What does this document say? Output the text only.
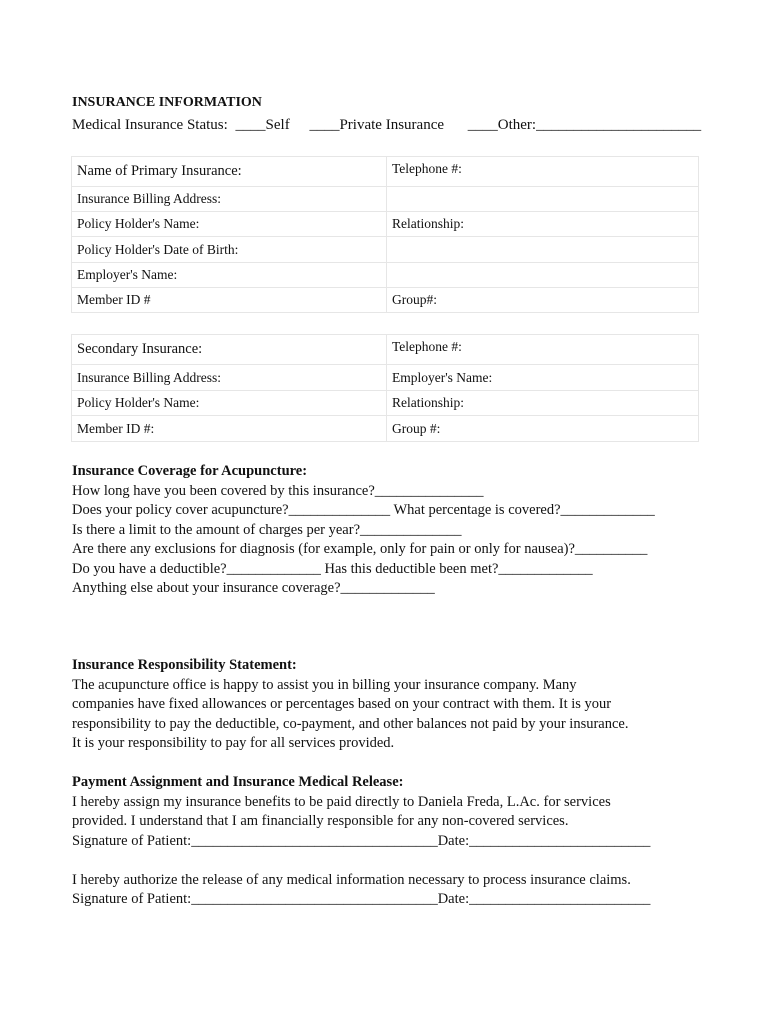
INSURANCE INFORMATION
Medical Insurance Status: ____Self ____Private Insurance ____Other:______________________
Name of Primary Insurance:	Telephone #:
Insurance Billing Address:	
Policy Holder's Name:	Relationship:
Policy Holder's Date of Birth:	
Employer's Name:	
Member ID #	Group#:
Secondary Insurance:	Telephone #:
Insurance Billing Address:	Employer's Name:
Policy Holder's Name:	Relationship:
Member ID #:	Group #:
Insurance Coverage for Acupuncture:
How long have you been covered by this insurance?_______________
Does your policy cover acupuncture?______________ What percentage is covered?_____________
Is there a limit to the amount of charges per year?______________
Are there any exclusions for diagnosis (for example, only for pain or only for nausea)?__________
Do you have a deductible?_____________ Has this deductible been met?_____________
Anything else about your insurance coverage?_____________
Insurance Responsibility Statement:
The acupuncture office is happy to assist you in billing your insurance company. Many
companies have fixed allowances or percentages based on your contract with them. It is your
responsibility to pay the deductible, co-payment, and other balances not paid by your insurance.
It is your responsibility to pay for all services provided.
Payment Assignment and Insurance Medical Release:
I hereby assign my insurance benefits to be paid directly to Daniela Freda, L.Ac. for services
provided. I understand that I am financially responsible for any non-covered services.
Signature of Patient:__________________________________Date:_________________________
I hereby authorize the release of any medical information necessary to process insurance claims.
Signature of Patient:__________________________________Date:_________________________
